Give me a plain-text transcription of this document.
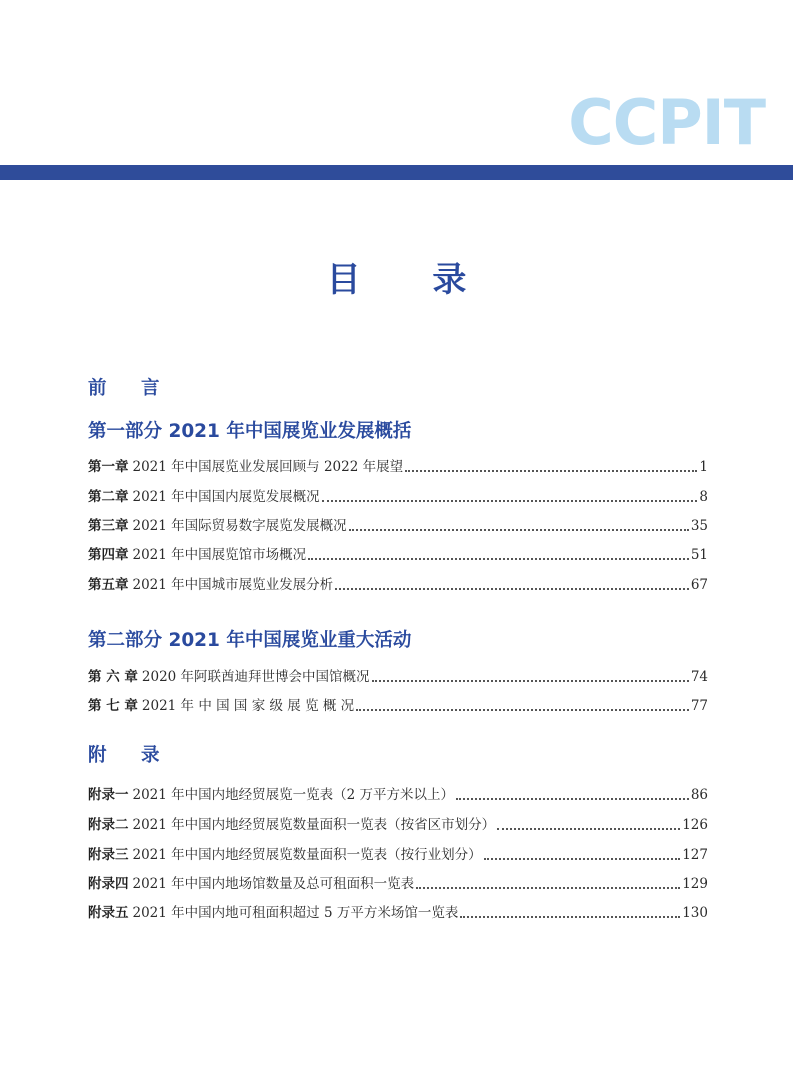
CCPIT
目 录
前 言
第一部分 2021 年中国展览业发展概括
第一章 2021 年中国展览业发展回顾与 2022 年展望	1
第二章 2021 年中国国内展览发展概况	8
第三章 2021 年国际贸易数字展览发展概况	35
第四章 2021 年中国展览馆市场概况	51
第五章 2021 年中国城市展览业发展分析	67
第二部分 2021 年中国展览业重大活动
第 六 章 2020 年阿联酋迪拜世博会中国馆概况	74
第 七 章 2021 年 中 国 国 家 级 展 览 概 况	77
附 录
附录一 2021 年中国内地经贸展览一览表（2 万平方米以上）	86
附录二 2021 年中国内地经贸展览数量面积一览表（按省区市划分）	126
附录三 2021 年中国内地经贸展览数量面积一览表（按行业划分）	127
附录四 2021 年中国内地场馆数量及总可租面积一览表	129
附录五 2021 年中国内地可租面积超过 5 万平方米场馆一览表	130
